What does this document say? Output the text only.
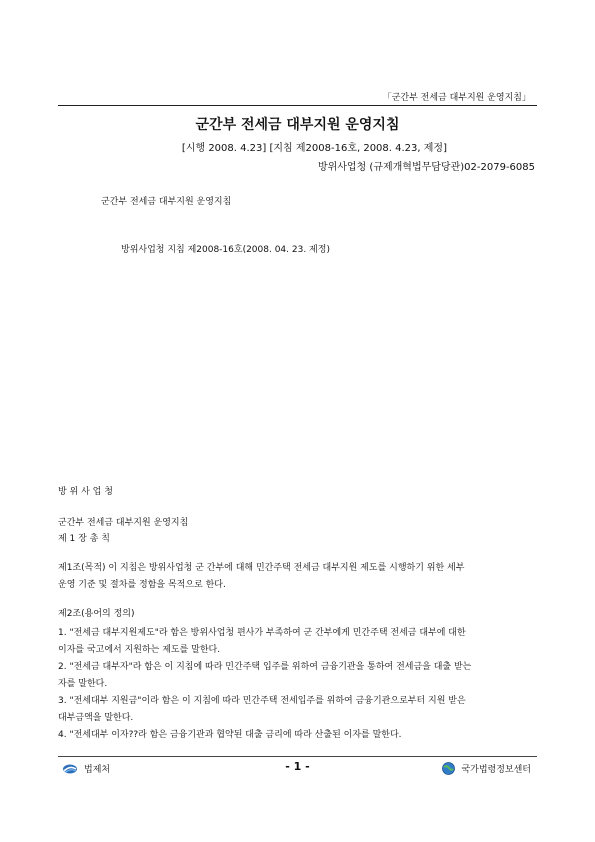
「군간부 전세금 대부지원 운영지침」
군간부 전세금 대부지원 운영지침
[시행 2008. 4.23] [지침 제2008-16호, 2008. 4.23, 제정]
방위사업청 (규제개혁법무담당관)02-2079-6085
군간부 전세금 대부지원 운영지침
방위사업청 지침 제2008-16호(2008. 04. 23. 제정)
방 위 사 업 청
군간부 전세금 대부지원 운영지침
제 1 장 총 칙
제1조(목적) 이 지침은 방위사업청 군 간부에 대해 민간주택 전세금 대부지원 제도를 시행하기 위한 세부
운영 기준 및 절차를 정함을 목적으로 한다.
제2조(용어의 정의)
1. "전세금 대부지원제도"라 함은 방위사업청 편사가 부족하여 군 간부에게 민간주택 전세금 대부에 대한
이자를 국고에서 지원하는 제도를 말한다.
2. "전세금 대부자"라 함은 이 지침에 따라 민간주택 입주를 위하여 금융기관을 통하여 전세금을 대출 받는
자를 말한다.
3. "전세대부 지원금"이라 함은 이 지침에 따라 민간주택 전세입주를 위하여 금융기관으로부터 지원 받은
대부금액을 말한다.
4. "전세대부 이자??라 함은 금융기관과 협약된 대출 금리에 따라 산출된 이자를 말한다.
법제처	- 1 -	국가법령정보센터
